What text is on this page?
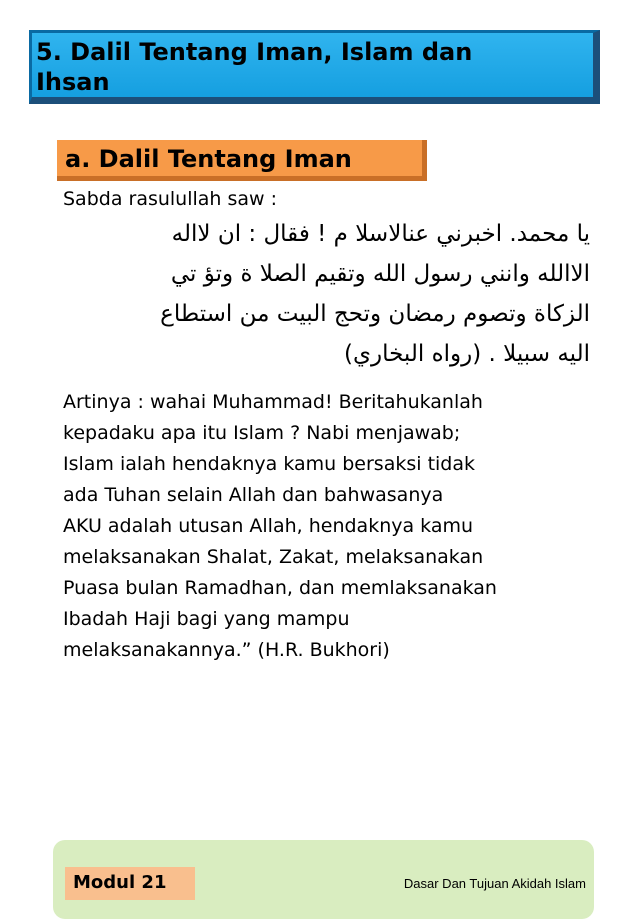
5. Dalil Tentang Iman, Islam dan
Ihsan
a. Dalil Tentang Iman
Sabda rasulullah saw :
يا محمد. اخبرني عنالاسلا م ! فقال : ان لااله
الاالله وانني رسول الله وتقيم الصلا ة وتؤ تي
الزكاة وتصوم رمضان وتحج البيت من استطاع
اليه سبيلا . (رواه البخاري)
Artinya : wahai Muhammad! Beritahukanlah
kepadaku apa itu Islam ? Nabi menjawab;
Islam ialah hendaknya kamu bersaksi tidak
ada Tuhan selain Allah dan bahwasanya
AKU adalah utusan Allah, hendaknya kamu
melaksanakan Shalat, Zakat, melaksanakan
Puasa bulan Ramadhan, dan memlaksanakan
Ibadah Haji bagi yang mampu
melaksanakannya.” (H.R. Bukhori)
Modul 21	Dasar Dan Tujuan Akidah Islam
